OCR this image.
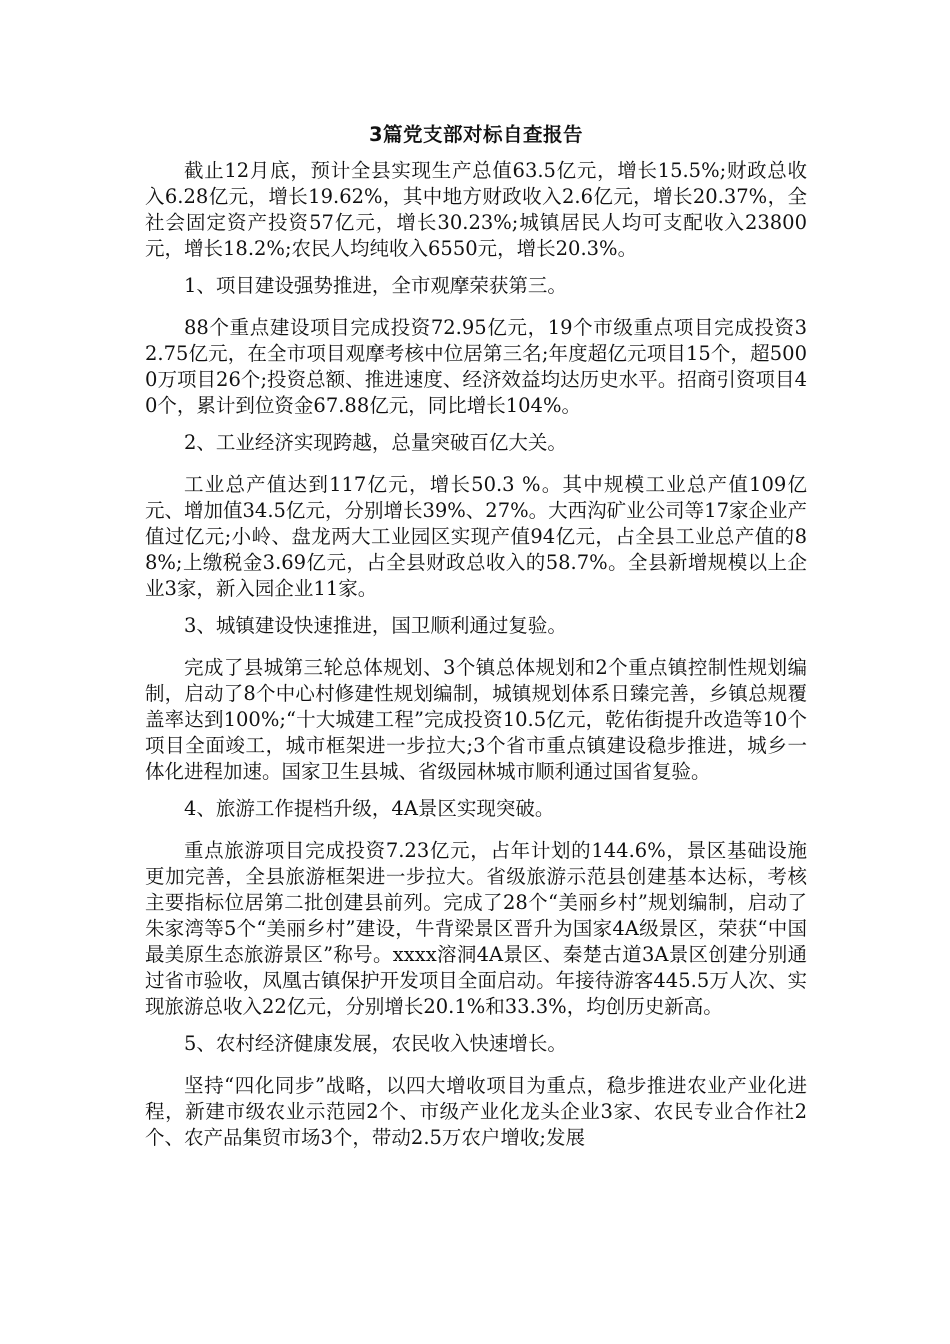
3篇党支部对标自查报告

截止12月底，预计全县实现生产总值63.5亿元，增长15.5%;财政总收入6.28亿元，增长19.62%，其中地方财政收入2.6亿元，增长20.37%，全社会固定资产投资57亿元，增长30.23%;城镇居民人均可支配收入23800元，增长18.2%;农民人均纯收入6550元，增长20.3%。

1、项目建设强势推进，全市观摩荣获第三。

88个重点建设项目完成投资72.95亿元，19个市级重点项目完成投资32.75亿元，在全市项目观摩考核中位居第三名;年度超亿元项目15个，超5000万项目26个;投资总额、推进速度、经济效益均达历史水平。招商引资项目40个，累计到位资金67.88亿元，同比增长104%。

2、工业经济实现跨越，总量突破百亿大关。

工业总产值达到117亿元，增长50.3 %。其中规模工业总产值109亿元、增加值34.5亿元，分别增长39%、27%。大西沟矿业公司等17家企业产值过亿元;小岭、盘龙两大工业园区实现产值94亿元，占全县工业总产值的88%;上缴税金3.69亿元，占全县财政总收入的58.7%。全县新增规模以上企业3家，新入园企业11家。

3、城镇建设快速推进，国卫顺利通过复验。

完成了县城第三轮总体规划、3个镇总体规划和2个重点镇控制性规划编制，启动了8个中心村修建性规划编制，城镇规划体系日臻完善，乡镇总规覆盖率达到100%;“十大城建工程”完成投资10.5亿元，乾佑街提升改造等10个项目全面竣工，城市框架进一步拉大;3个省市重点镇建设稳步推进，城乡一体化进程加速。国家卫生县城、省级园林城市顺利通过国省复验。

4、旅游工作提档升级，4A景区实现突破。

重点旅游项目完成投资7.23亿元，占年计划的144.6%，景区基础设施更加完善，全县旅游框架进一步拉大。省级旅游示范县创建基本达标，考核主要指标位居第二批创建县前列。完成了28个“美丽乡村”规划编制，启动了朱家湾等5个“美丽乡村”建设，牛背梁景区晋升为国家4A级景区，荣获“中国最美原生态旅游景区”称号。xxxx溶洞4A景区、秦楚古道3A景区创建分别通过省市验收，凤凰古镇保护开发项目全面启动。年接待游客445.5万人次、实现旅游总收入22亿元，分别增长20.1%和33.3%，均创历史新高。

5、农村经济健康发展，农民收入快速增长。

坚持“四化同步”战略，以四大增收项目为重点，稳步推进农业产业化进程，新建市级农业示范园2个、市级产业化龙头企业3家、农民专业合作社2个、农产品集贸市场3个，带动2.5万农户增收;发展
